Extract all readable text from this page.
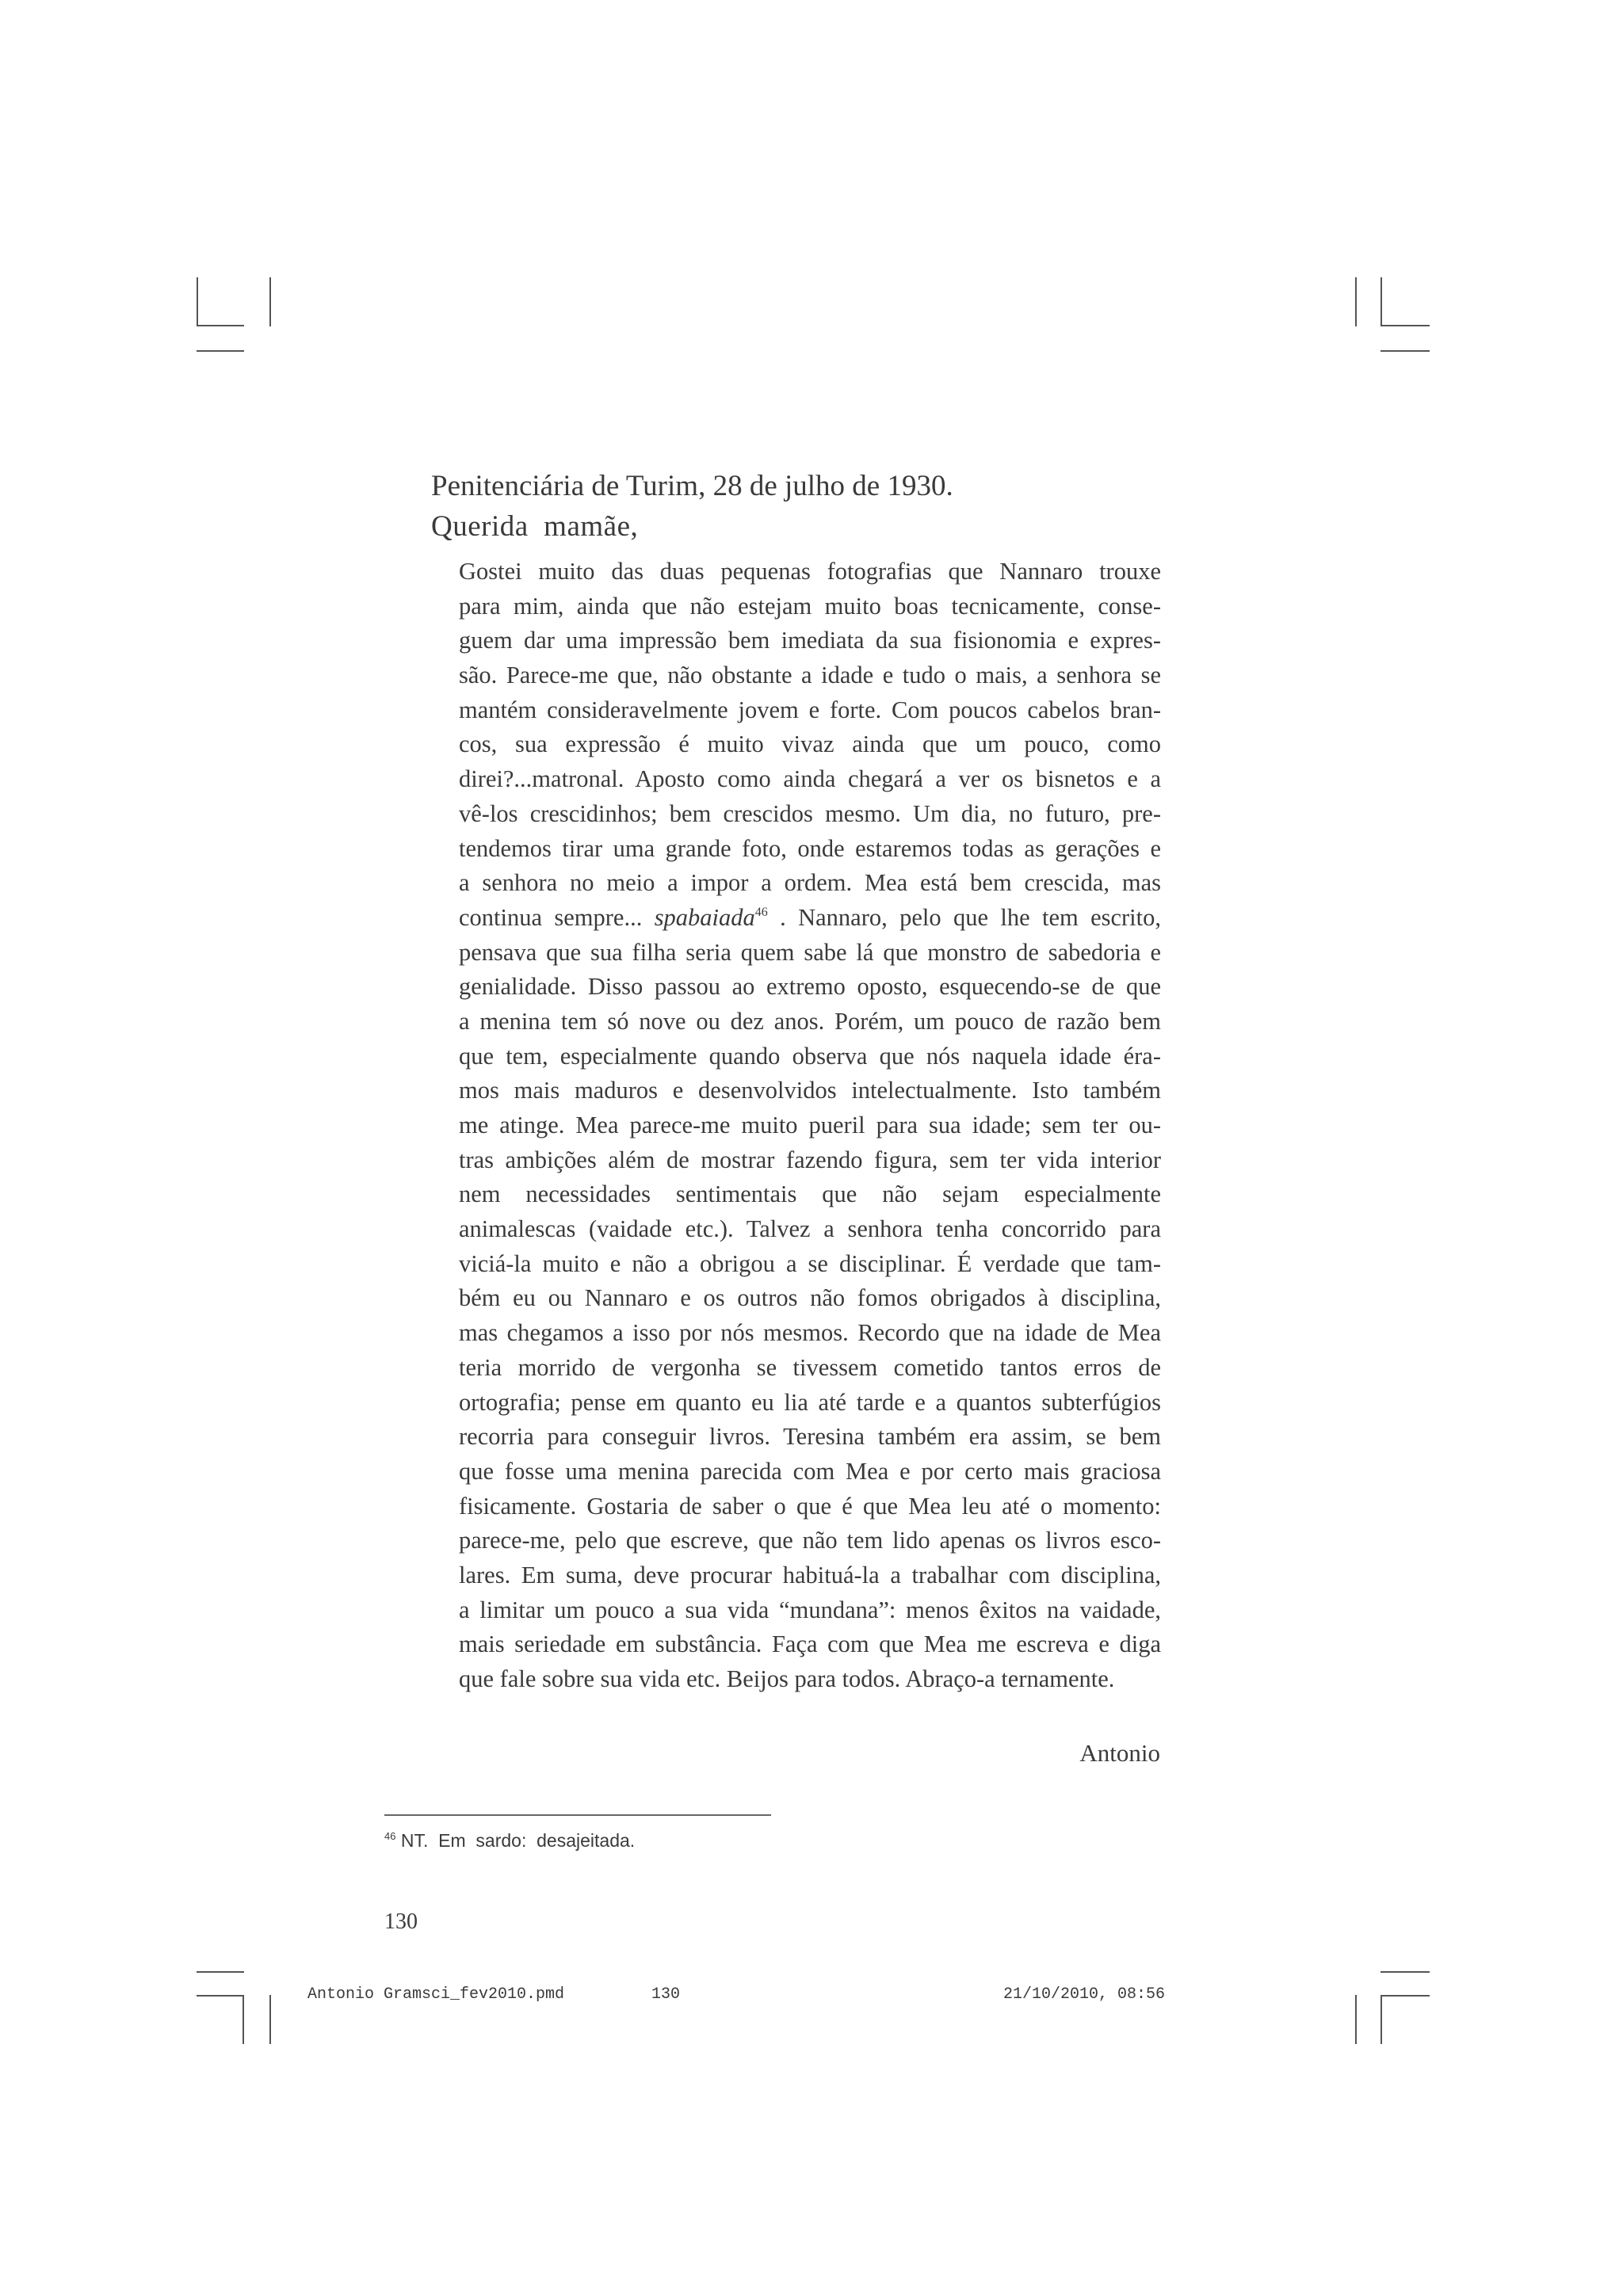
Penitenciária de Turim, 28 de julho de 1930.
Querida  mamãe,
Gostei muito das duas pequenas fotografias que Nannaro trouxe
para mim, ainda que não estejam muito boas tecnicamente, conse-
guem dar uma impressão bem imediata da sua fisionomia e expres-
são. Parece-me que, não obstante a idade e tudo o mais, a senhora se
mantém consideravelmente jovem e forte. Com poucos cabelos bran-
cos, sua expressão é muito vivaz ainda que um pouco, como
direi?...matronal. Aposto como ainda chegará a ver os bisnetos e a
vê-los crescidinhos; bem crescidos mesmo. Um dia, no futuro, pre-
tendemos tirar uma grande foto, onde estaremos todas as gerações e
a senhora no meio a impor a ordem. Mea está bem crescida, mas
continua sempre... spabaiada$^{46}$ . Nannaro, pelo que lhe tem escrito,
pensava que sua filha seria quem sabe lá que monstro de sabedoria e
genialidade. Disso passou ao extremo oposto, esquecendo-se de que
a menina tem só nove ou dez anos. Porém, um pouco de razão bem
que tem, especialmente quando observa que nós naquela idade éra-
mos mais maduros e desenvolvidos intelectualmente. Isto também
me atinge. Mea parece-me muito pueril para sua idade; sem ter ou-
tras ambições além de mostrar fazendo figura, sem ter vida interior
nem necessidades sentimentais que não sejam especialmente
animalescas (vaidade etc.). Talvez a senhora tenha concorrido para
viciá-la muito e não a obrigou a se disciplinar. É verdade que tam-
bém eu ou Nannaro e os outros não fomos obrigados à disciplina,
mas chegamos a isso por nós mesmos. Recordo que na idade de Mea
teria morrido de vergonha se tivessem cometido tantos erros de
ortografia; pense em quanto eu lia até tarde e a quantos subterfúgios
recorria para conseguir livros. Teresina também era assim, se bem
que fosse uma menina parecida com Mea e por certo mais graciosa
fisicamente. Gostaria de saber o que é que Mea leu até o momento:
parece-me, pelo que escreve, que não tem lido apenas os livros esco-
lares. Em suma, deve procurar habituá-la a trabalhar com disciplina,
a limitar um pouco a sua vida “mundana”: menos êxitos na vaidade,
mais seriedade em substância. Faça com que Mea me escreva e diga
que fale sobre sua vida etc. Beijos para todos. Abraço-a ternamente.
Antonio
$^{46}$ NT.  Em  sardo:  desajeitada.
130
Antonio Gramsci_fev2010.pmd	130	21/10/2010, 08:56
